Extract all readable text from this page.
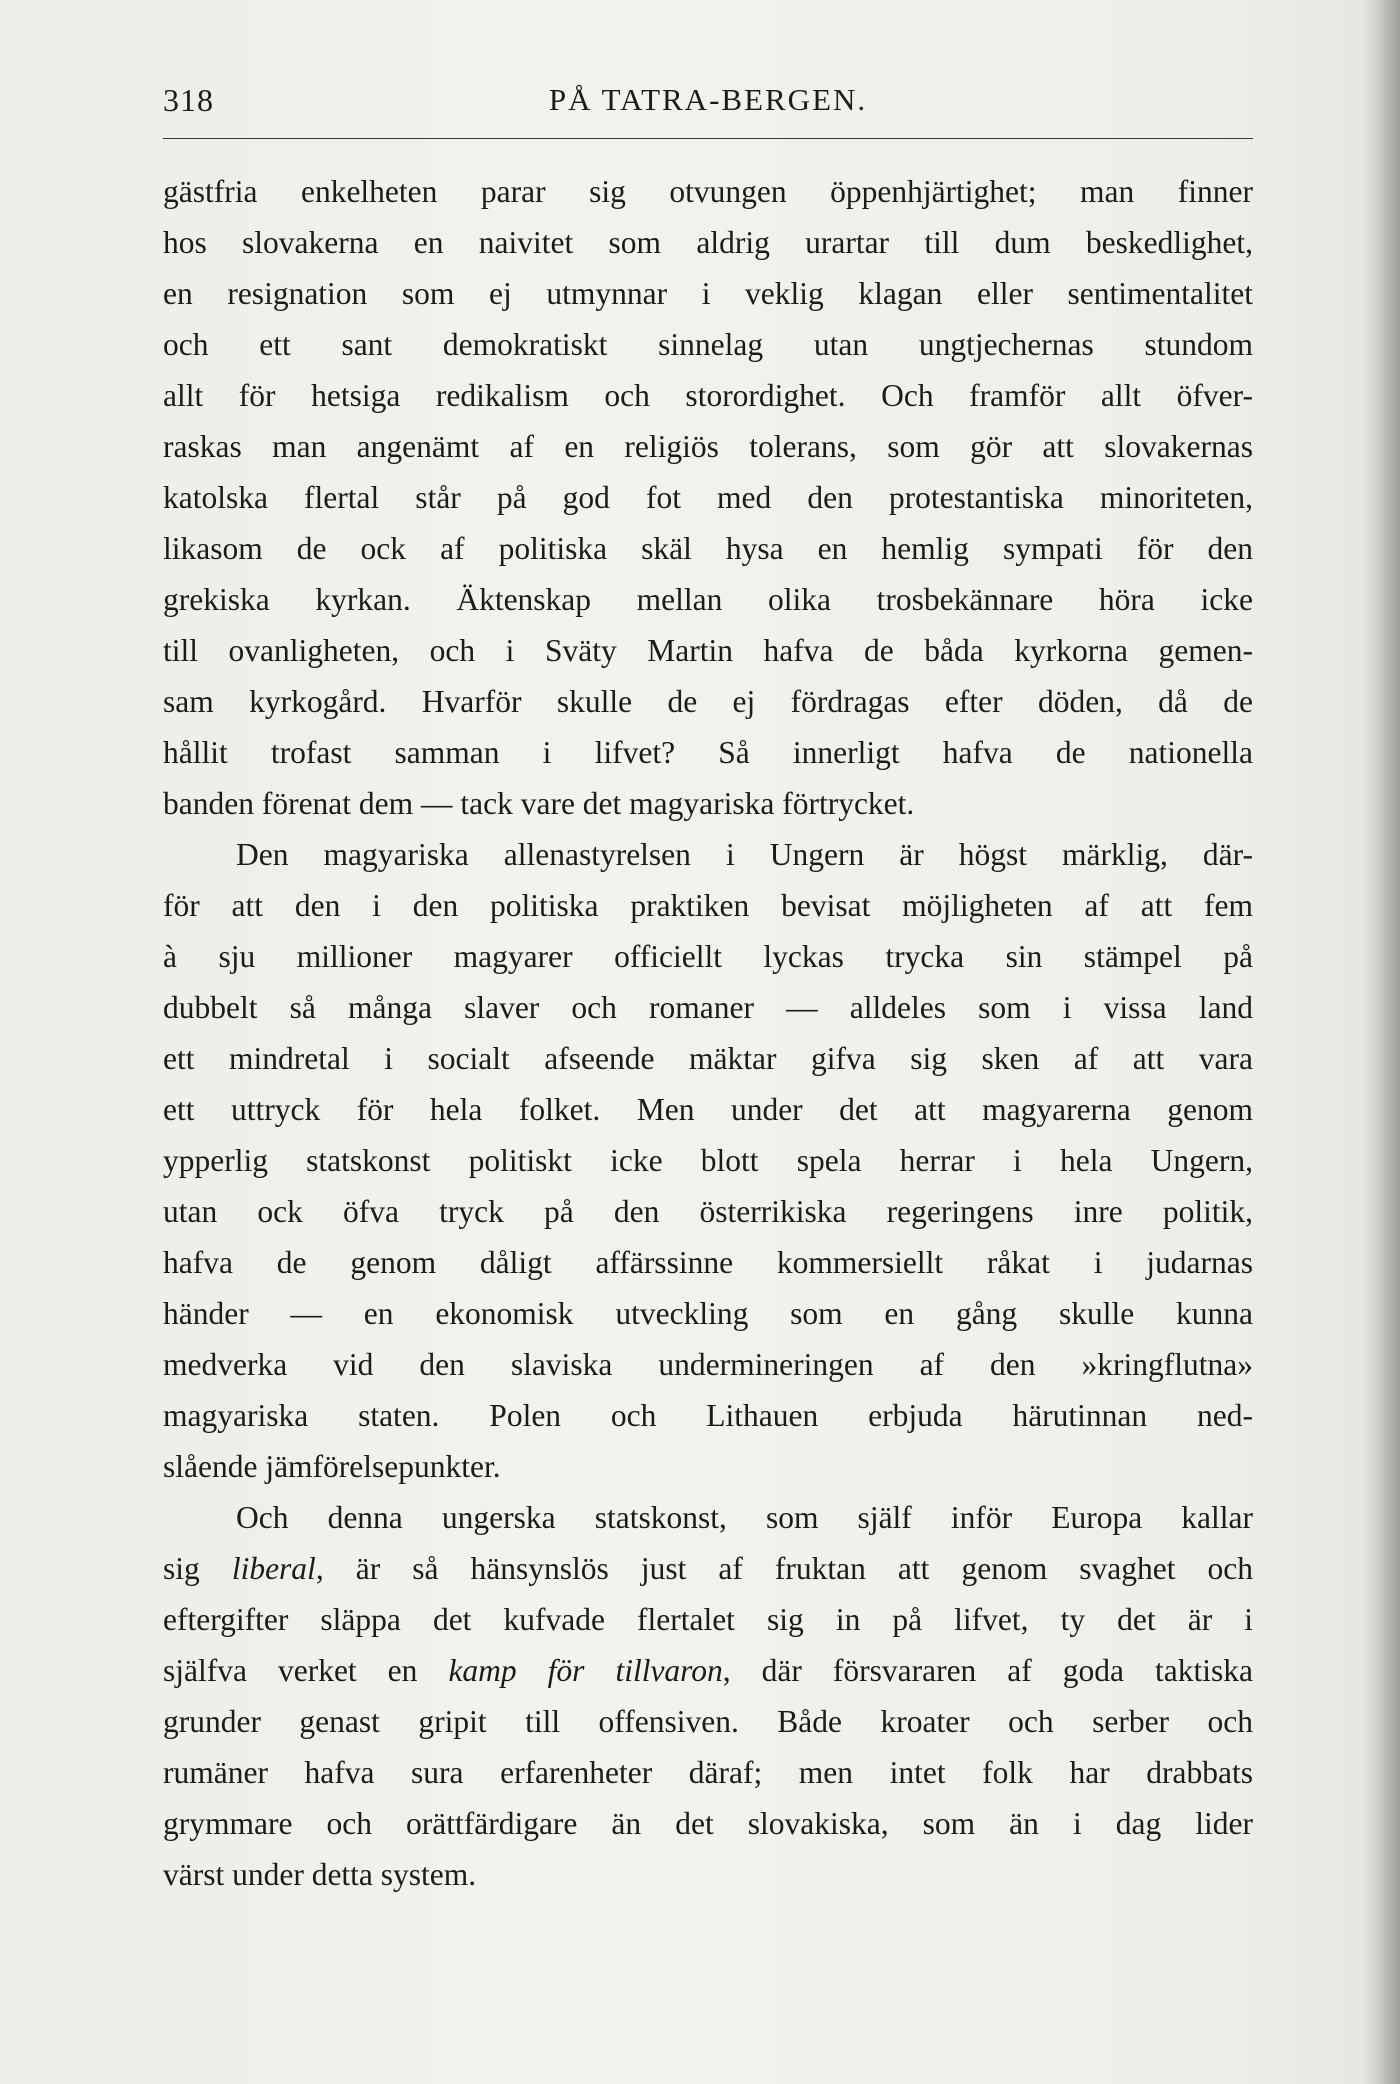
318	PÅ TATRA-BERGEN.
gästfria enkelheten parar sig otvungen öppenhjärtighet; man finner
hos slovakerna en naivitet som aldrig urartar till dum beskedlighet,
en resignation som ej utmynnar i veklig klagan eller sentimentalitet
och ett sant demokratiskt sinnelag utan ungtjechernas stundom
allt för hetsiga redikalism och storordighet. Och framför allt öfver-
raskas man angenämt af en religiös tolerans, som gör att slovakernas
katolska flertal står på god fot med den protestantiska minoriteten,
likasom de ock af politiska skäl hysa en hemlig sympati för den
grekiska kyrkan. Äktenskap mellan olika trosbekännare höra icke
till ovanligheten, och i Sväty Martin hafva de båda kyrkorna gemen-
sam kyrkogård. Hvarför skulle de ej fördragas efter döden, då de
hållit trofast samman i lifvet? Så innerligt hafva de nationella
banden förenat dem — tack vare det magyariska förtrycket.
Den magyariska allenastyrelsen i Ungern är högst märklig, där-
för att den i den politiska praktiken bevisat möjligheten af att fem
à sju millioner magyarer officiellt lyckas trycka sin stämpel på
dubbelt så många slaver och romaner — alldeles som i vissa land
ett mindretal i socialt afseende mäktar gifva sig sken af att vara
ett uttryck för hela folket. Men under det att magyarerna genom
ypperlig statskonst politiskt icke blott spela herrar i hela Ungern,
utan ock öfva tryck på den österrikiska regeringens inre politik,
hafva de genom dåligt affärssinne kommersiellt råkat i judarnas
händer — en ekonomisk utveckling som en gång skulle kunna
medverka vid den slaviska undermineringen af den »kringflutna»
magyariska staten. Polen och Lithauen erbjuda härutinnan ned-
slående jämförelsepunkter.
Och denna ungerska statskonst, som själf inför Europa kallar
sig liberal, är så hänsynslös just af fruktan att genom svaghet och
eftergifter släppa det kufvade flertalet sig in på lifvet, ty det är i
själfva verket en kamp för tillvaron, där försvararen af goda taktiska
grunder genast gripit till offensiven. Både kroater och serber och
rumäner hafva sura erfarenheter däraf; men intet folk har drabbats
grymmare och orättfärdigare än det slovakiska, som än i dag lider
värst under detta system.
